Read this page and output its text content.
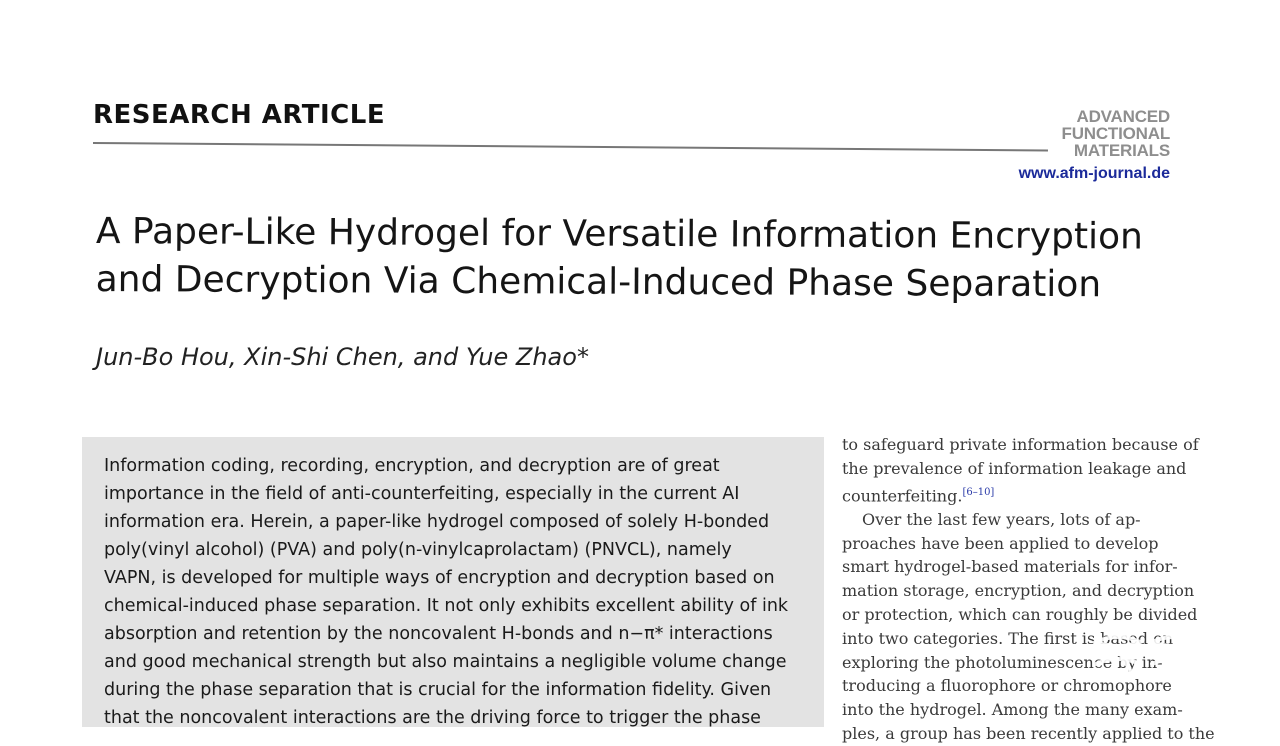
RESEARCH ARTICLE	ADVANCED
FUNCTIONAL
MATERIALS
www.afm-journal.de
A Paper-Like Hydrogel for Versatile Information Encryption
and Decryption Via Chemical-Induced Phase Separation
Jun-Bo Hou, Xin-Shi Chen, and Yue Zhao*
Information coding, recording, encryption, and decryption are of great
importance in the field of anti-counterfeiting, especially in the current AI
information era. Herein, a paper-like hydrogel composed of solely H-bonded
poly(vinyl alcohol) (PVA) and poly(n-vinylcaprolactam) (PNVCL), namely
VAPN, is developed for multiple ways of encryption and decryption based on
chemical-induced phase separation. It not only exhibits excellent ability of ink
absorption and retention by the noncovalent H-bonds and n−π* interactions
and good mechanical strength but also maintains a negligible volume change
during the phase separation that is crucial for the information fidelity. Given
that the noncovalent interactions are the driving force to trigger the phase
to safeguard private information because of
the prevalence of information leakage and
counterfeiting.[6–10]
Over the last few years, lots of ap-
proaches have been applied to develop
smart hydrogel-based materials for infor-
mation storage, encryption, and decryption
or protection, which can roughly be divided
into two categories. The first is based on
exploring the photoluminescence by in-
troducing a fluorophore or chromophore
into the hydrogel. Among the many exam-
ples, a group has been recently applied to the
